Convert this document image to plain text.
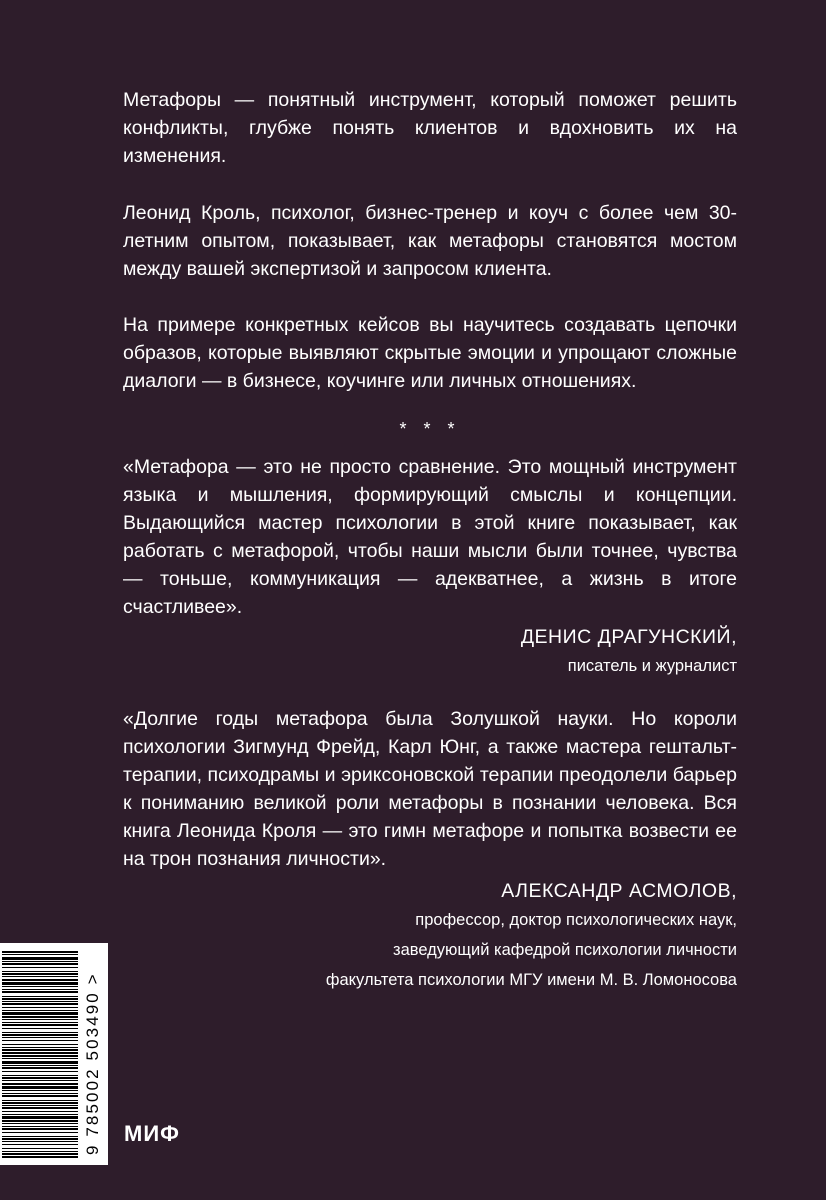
Метафоры — понятный инструмент, который поможет решить конфликты, глубже понять клиентов и вдохновить их на изменения.

Леонид Кроль, психолог, бизнес-тренер и коуч с более чем 30-летним опытом, показывает, как метафоры становятся мостом между вашей экспертизой и запросом клиента.

На примере конкретных кейсов вы научитесь создавать цепочки образов, которые выявляют скрытые эмоции и упрощают сложные диалоги — в бизнесе, коучинге или личных отношениях.

* * *

«Метафора — это не просто сравнение. Это мощный инструмент языка и мышления, формирующий смыслы и концепции. Выдающийся мастер психологии в этой книге показывает, как работать с метафорой, чтобы наши мысли были точнее, чувства — тоньше, коммуникация — адекватнее, а жизнь в итоге счастливее».

ДЕНИС ДРАГУНСКИЙ,
писатель и журналист

«Долгие годы метафора была Золушкой науки. Но короли психологии Зигмунд Фрейд, Карл Юнг, а также мастера гештальт-терапии, психодрамы и эриксоновской терапии преодолели барьер к пониманию великой роли метафоры в познании человека. Вся книга Леонида Кроля — это гимн метафоре и попытка возвести ее на трон познания личности».

АЛЕКСАНДР АСМОЛОВ,
профессор, доктор психологических наук,
заведующий кафедрой психологии личности
факультета психологии МГУ имени М. В. Ломоносова
9 785002 503490 > МИФ
